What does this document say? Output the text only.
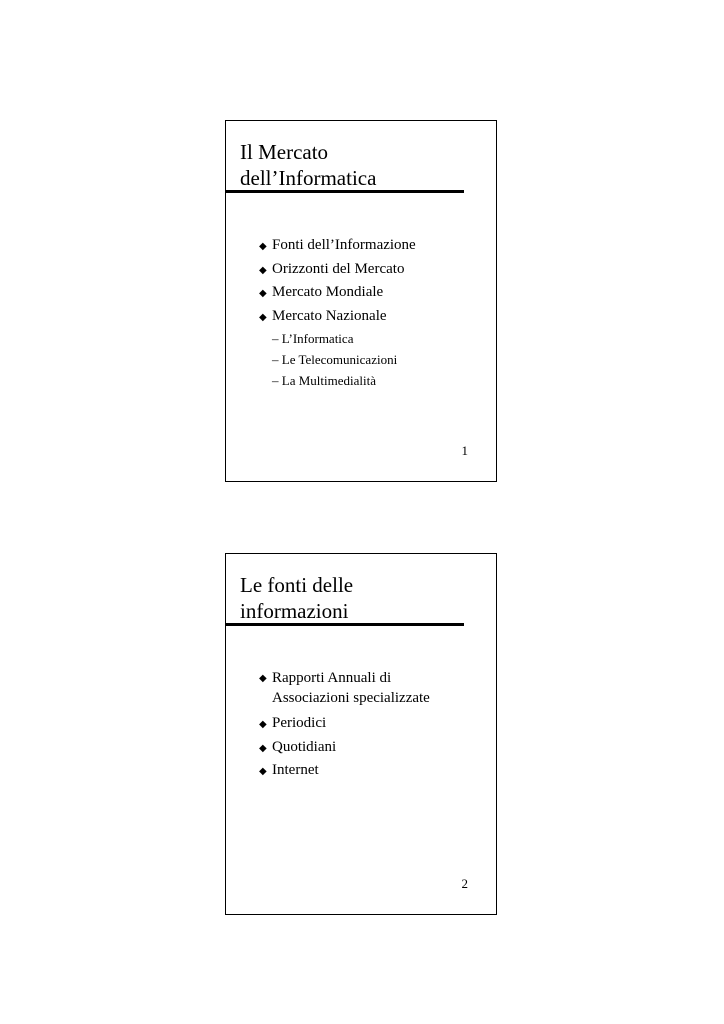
Il Mercato
dell’Informatica
◆ Fonti dell’Informazione
◆ Orizzonti del Mercato
◆ Mercato Mondiale
◆ Mercato Nazionale
– L’Informatica
– Le Telecomunicazioni
– La Multimedialità
1
Le fonti delle
informazioni
◆ Rapporti Annuali di
Associazioni specializzate
◆ Periodici
◆ Quotidiani
◆ Internet
2
